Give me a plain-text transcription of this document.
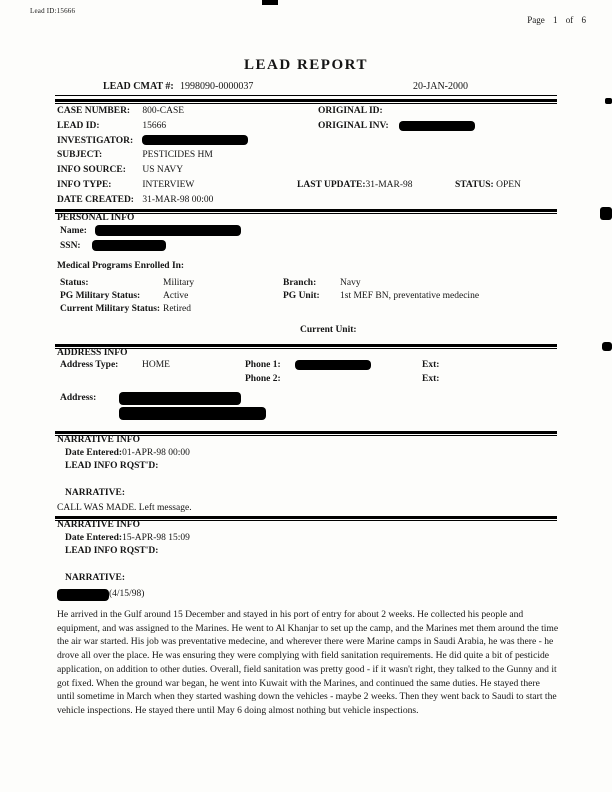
Lead ID:15666
Page 1 of 6
LEAD REPORT
LEAD CMAT #: 1998090-0000037	20-JAN-2000
CASE NUMBER: 800-CASE	ORIGINAL ID:
LEAD ID:	15666	ORIGINAL INV:
INVESTIGATOR:
SUBJECT:	PESTICIDES HM
INFO SOURCE: US NAVY
INFO TYPE:	INTERVIEW	LAST UPDATE:31-MAR-98	STATUS: OPEN
DATE CREATED: 31-MAR-98 00:00
PERSONAL INFO
Name:
SSN:
Medical Programs Enrolled In:
Status:	Military	Branch:	Navy
PG Military Status: Active	PG Unit: 1st MEF BN, preventative medecine
Current Military Status: Retired
Current Unit:
ADDRESS INFO
Address Type: HOME	Phone 1:	Ext:
Phone 2:	Ext:
Address:
NARRATIVE INFO
Date Entered:01-APR-98 00:00
LEAD INFO RQST'D:
NARRATIVE:
CALL WAS MADE. Left message.
NARRATIVE INFO
Date Entered:15-APR-98 15:09
LEAD INFO RQST'D:
NARRATIVE:
(4/15/98)
He arrived in the Gulf around 15 December and stayed in his port of entry for about 2 weeks. He collected his people and equipment, and was assigned to the Marines. He went to Al Khanjar to set up the camp, and the Marines met them around the time the air war started. His job was preventative medecine, and wherever there were Marine camps in Saudi Arabia, he was there - he drove all over the place. He was ensuring they were complying with field sanitation requirements. He did quite a bit of pesticide application, on addition to other duties. Overall, field sanitation was pretty good - if it wasn't right, they talked to the Gunny and it got fixed. When the ground war began, he went into Kuwait with the Marines, and continued the same duties. He stayed there until sometime in March when they started washing down the vehicles - maybe 2 weeks. Then they went back to Saudi to start the vehicle inspections. He stayed there until May 6 doing almost nothing but vehicle inspections.
